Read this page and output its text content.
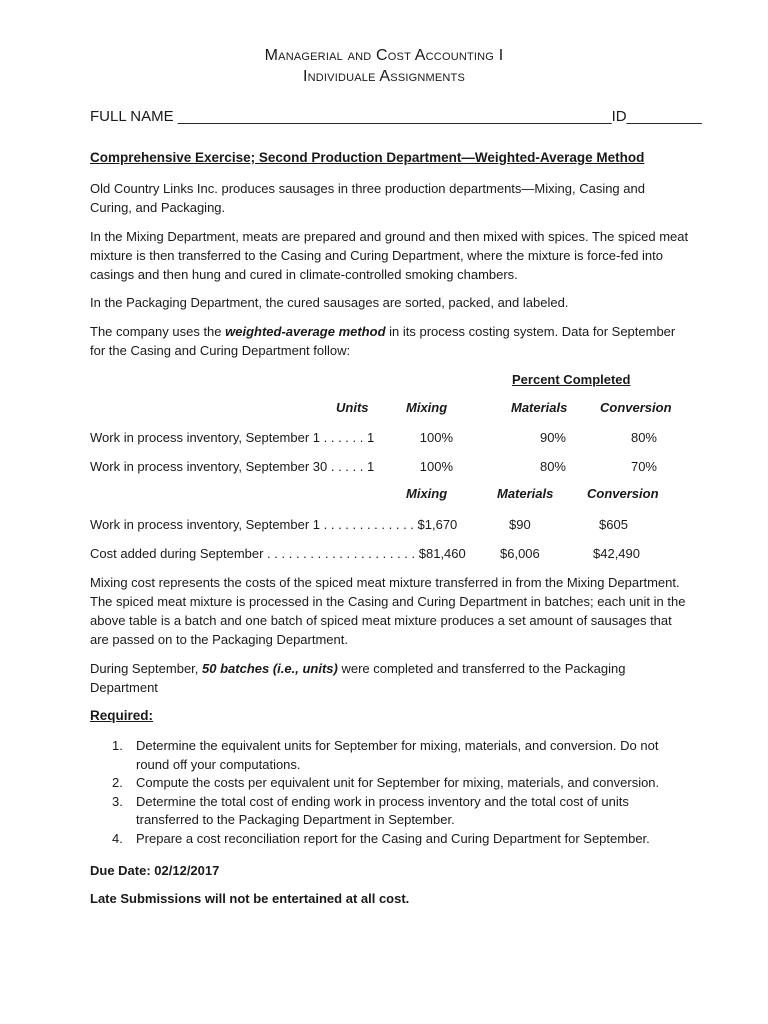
Managerial and Cost Accounting I
Individuale Assignments
FULL NAME ____________________________________________________ID_________
Comprehensive Exercise; Second Production Department—Weighted-Average Method
Old Country Links Inc. produces sausages in three production departments—Mixing, Casing and Curing, and Packaging.
In the Mixing Department, meats are prepared and ground and then mixed with spices. The spiced meat mixture is then transferred to the Casing and Curing Department, where the mixture is force-fed into casings and then hung and cured in climate-controlled smoking chambers.
In the Packaging Department, the cured sausages are sorted, packed, and labeled.
The company uses the weighted-average method in its process costing system. Data for September for the Casing and Curing Department follow:
Percent Completed
Units	Mixing	Materials	Conversion
Work in process inventory, September 1 . . . . . . 1	100%	90%	80%
Work in process inventory, September 30 . . . . . 1	100%	80%	70%
Mixing	Materials	Conversion
Work in process inventory, September 1 . . . . . . . . . . . . . $1,670	$90	$605
Cost added during September . . . . . . . . . . . . . . . . . . . . . $81,460	$6,006	$42,490
Mixing cost represents the costs of the spiced meat mixture transferred in from the Mixing Department. The spiced meat mixture is processed in the Casing and Curing Department in batches; each unit in the above table is a batch and one batch of spiced meat mixture produces a set amount of sausages that are passed on to the Packaging Department.
During September, 50 batches (i.e., units) were completed and transferred to the Packaging Department
Required:
1. Determine the equivalent units for September for mixing, materials, and conversion. Do not round off your computations.
2. Compute the costs per equivalent unit for September for mixing, materials, and conversion.
3. Determine the total cost of ending work in process inventory and the total cost of units transferred to the Packaging Department in September.
4. Prepare a cost reconciliation report for the Casing and Curing Department for September.
Due Date: 02/12/2017
Late Submissions will not be entertained at all cost.
